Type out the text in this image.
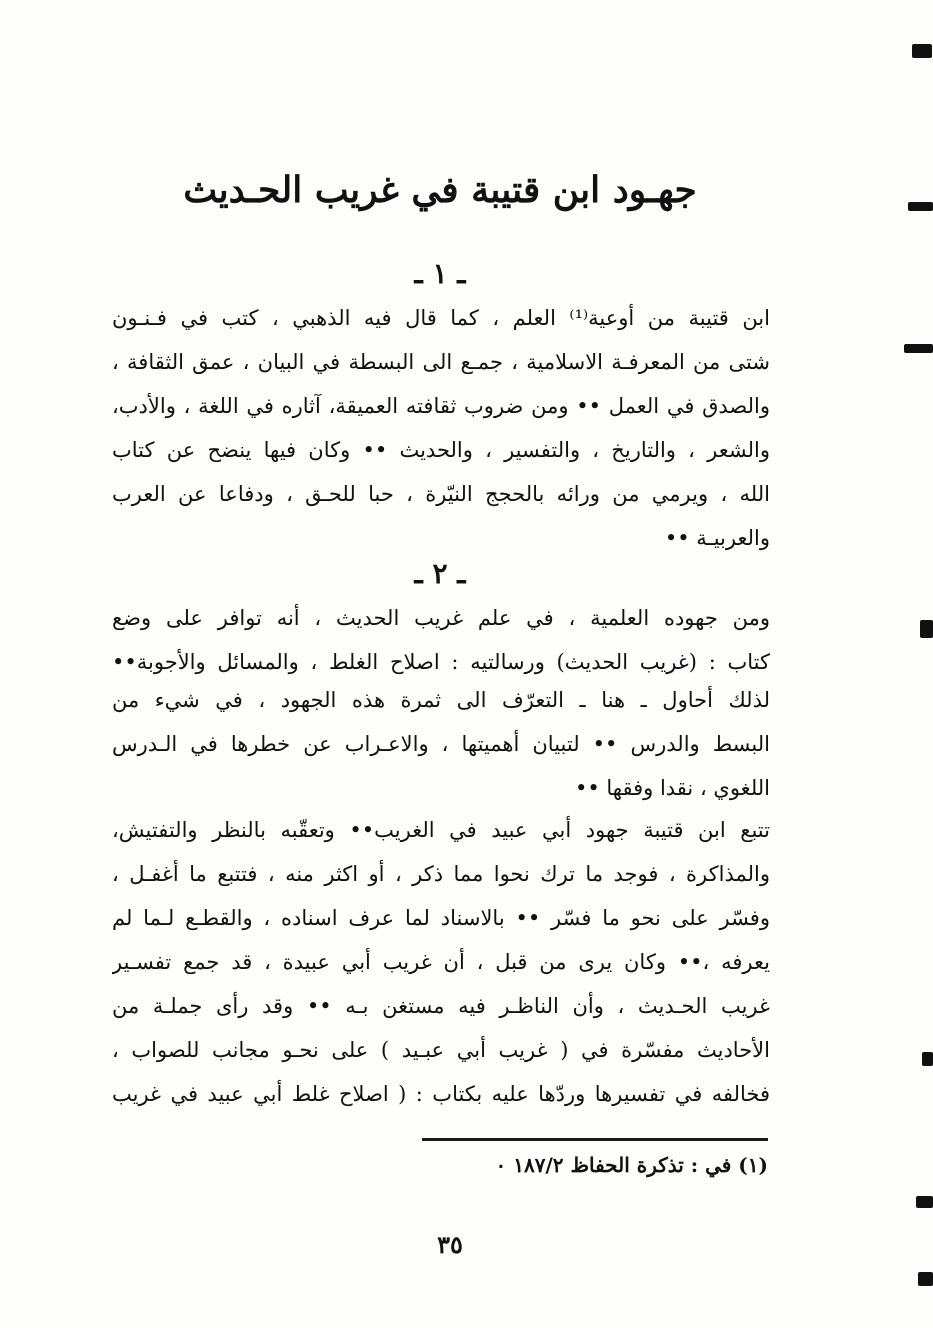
جهـود ابن قتيبة في غريب الحـديث
ـ ١ ـ
ابن قتيبة من أوعية⁽¹⁾ العلم ، كما قال فيه الذهبي ، كتب في فـنـون
شتى من المعرفـة الاسلامية ، جمـع الى البسطة في البيان ، عمق الثقافة ،
والصدق في العمل •• ومن ضروب ثقافته العميقة، آثاره في اللغة ، والأدب،
والشعر ، والتاريخ ، والتفسير ، والحديث •• وكان فيها ينضح عن كتاب
الله ، ويرمي من ورائه بالحجج النيّرة ، حبا للحـق ، ودفاعا عن العرب
والعربيـة ••
ـ ٢ ـ
ومن جهوده العلمية ، في علم غريب الحديث ، أنه توافر على وضع
كتاب : (غريب الحديث) ورسالتيه : اصلاح الغلط ، والمسائل والأجوبة••
لذلك أحاول ـ هنا ـ التعرّف الى ثمرة هذه الجهود ، في شيء من
البسط والدرس •• لتبيان أهميتها ، والاعـراب عن خطرها في الـدرس
اللغوي ، نقدا وفقها ••
تتبع ابن قتيبة جهود أبي عبيد في الغريب•• وتعقّبه بالنظر والتفتيش،
والمذاكرة ، فوجد ما ترك نحوا مما ذكر ، أو اكثر منه ، فتتبع ما أغفـل ،
وفسّر على نحو ما فسّر •• بالاسناد لما عرف اسناده ، والقطـع لـما لم
يعرفه ،•• وكان يرى من قبل ، أن غريب أبي عبيدة ، قد جمع تفسـير
غريب الحـديث ، وأن الناظـر فيه مستغن بـه •• وقد رأى جملـة من
الأحاديث مفسّرة في ( غريب أبي عبـيد ) على نحـو مجانب للصواب ،
فخالفه في تفسيرها وردّها عليه بكتاب : ( اصلاح غلط أبي عبيد في غريب
(١) في : تذكرة الحفاظ ١٨٧/٢ ٠
٣٥
